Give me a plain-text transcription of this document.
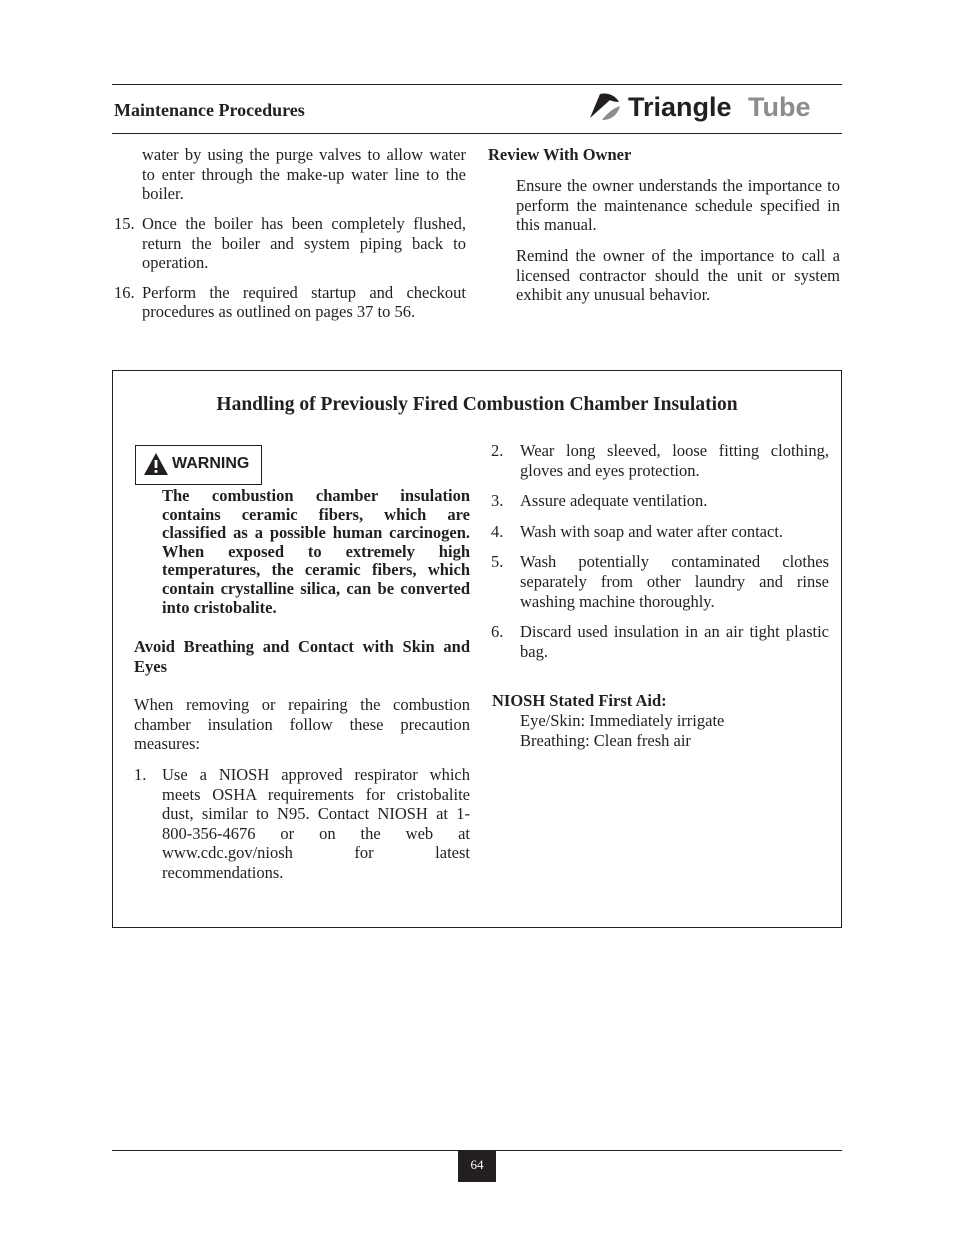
Maintenance Procedures	Triangle Tube
water by using the purge valves to allow water to enter through the make-up water line to the boiler.
15. Once the boiler has been completely flushed, return the boiler and system piping back to operation.
16. Perform the required startup and checkout procedures as outlined on pages 37 to 56.
Review With Owner
Ensure the owner understands the importance to perform the maintenance schedule specified in this manual.
Remind the owner of the importance to call a licensed contractor should the unit or system exhibit any unusual behavior.
Handling of Previously Fired Combustion Chamber Insulation
WARNING
The combustion chamber insulation contains ceramic fibers, which are classified as a possible human carcinogen. When exposed to extremely high temperatures, the ceramic fibers, which contain crystalline silica, can be converted into cristobalite.
Avoid Breathing and Contact with Skin and Eyes
When removing or repairing the combustion chamber insulation follow these precaution measures:
1. Use a NIOSH approved respirator which meets OSHA requirements for cristobalite dust, similar to N95. Contact NIOSH at 1-800-356-4676 or on the web at www.cdc.gov/niosh for latest recommendations.
2. Wear long sleeved, loose fitting clothing, gloves and eyes protection.
3. Assure adequate ventilation.
4. Wash with soap and water after contact.
5. Wash potentially contaminated clothes separately from other laundry and rinse washing machine thoroughly.
6. Discard used insulation in an air tight plastic bag.
NIOSH Stated First Aid:
Eye/Skin: Immediately irrigate
Breathing: Clean fresh air
64
